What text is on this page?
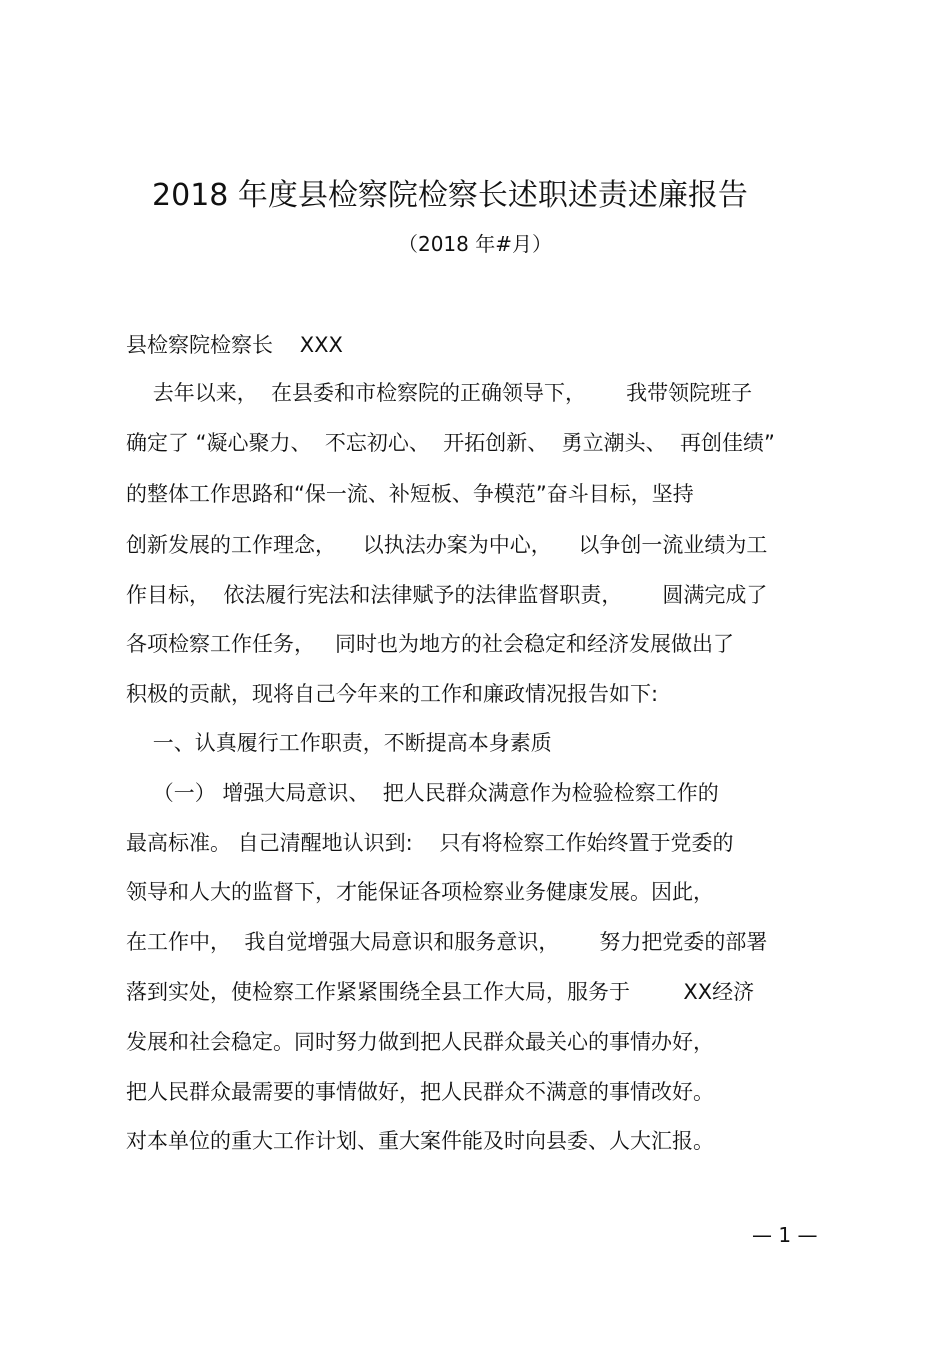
2018 年度县检察院检察长述职述责述廉报告
（2018 年#月）
县检察院检察长    XXX
去年以来，  在县委和市检察院的正确领导下，      我带领院班子
确定了 “凝心聚力、  不忘初心、  开拓创新、  勇立潮头、  再创佳绩”
的整体工作思路和“保一流、补短板、争模范”奋斗目标，坚持
创新发展的工作理念，    以执法办案为中心，    以争创一流业绩为工
作目标，  依法履行宪法和法律赋予的法律监督职责，      圆满完成了
各项检察工作任务，   同时也为地方的社会稳定和经济发展做出了
积极的贡献，现将自己今年来的工作和廉政情况报告如下:
一、认真履行工作职责，不断提高本身素质
（一） 增强大局意识、  把人民群众满意作为检验检察工作的
最高标准。 自己清醒地认识到:    只有将检察工作始终置于党委的
领导和人大的监督下，才能保证各项检察业务健康发展。因此，
在工作中，  我自觉增强大局意识和服务意识，      努力把党委的部署
落到实处，使检察工作紧紧围绕全县工作大局，服务于        XX经济
发展和社会稳定。同时努力做到把人民群众最关心的事情办好，
把人民群众最需要的事情做好，把人民群众不满意的事情改好。
对本单位的重大工作计划、重大案件能及时向县委、人大汇报。
— 1 —
